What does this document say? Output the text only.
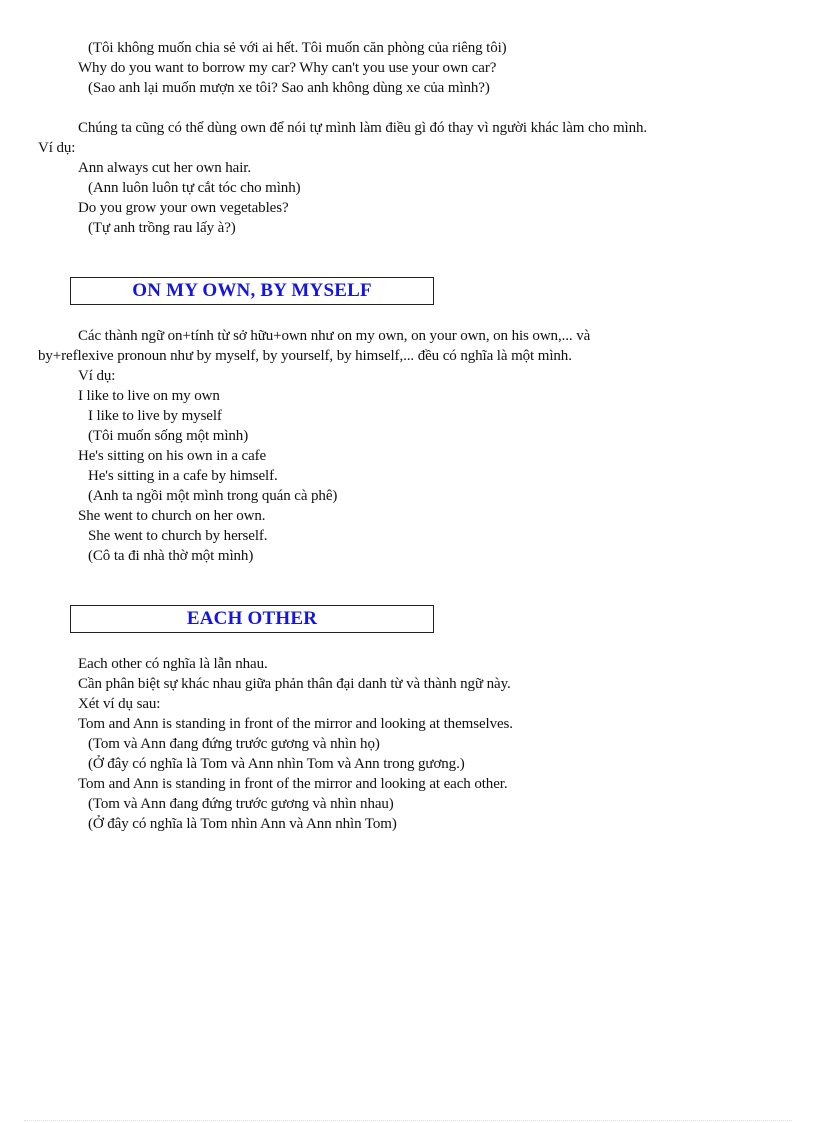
(Tôi không muốn chia sẻ với ai hết. Tôi muốn căn phòng của riêng tôi)
Why do you want to borrow my car? Why can't you use your own car?
(Sao anh lại muốn mượn xe tôi? Sao anh không dùng xe của mình?)
Chúng ta cũng có thể dùng own để nói tự mình làm điều gì đó thay vì người khác làm cho mình.
Ví dụ:
Ann always cut her own hair.
(Ann luôn luôn tự cắt tóc cho mình)
Do you grow your own vegetables?
(Tự anh trồng rau lấy à?)
ON MY OWN, BY MYSELF
Các thành ngữ on+tính từ sở hữu+own như on my own, on your own, on his own,... và
by+reflexive pronoun như by myself, by yourself, by himself,... đều có nghĩa là một mình.
Ví dụ:
I like to live on my own
I like to live by myself
(Tôi muốn sống một mình)
He's sitting on his own in a cafe
He's sitting in a cafe by himself.
(Anh ta ngồi một mình trong quán cà phê)
She went to church on her own.
She went to church by herself.
(Cô ta đi nhà thờ một mình)
EACH OTHER
Each other có nghĩa là lẫn nhau.
Cần phân biệt sự khác nhau giữa phản thân đại danh từ và thành ngữ này.
Xét ví dụ sau:
Tom and Ann is standing in front of the mirror and looking at themselves.
(Tom và Ann đang đứng trước gương và nhìn họ)
(Ở đây có nghĩa là Tom và Ann nhìn Tom và Ann trong gương.)
Tom and Ann is standing in front of the mirror and looking at each other.
(Tom và Ann đang đứng trước gương và nhìn nhau)
(Ở đây có nghĩa là Tom nhìn Ann và Ann nhìn Tom)
